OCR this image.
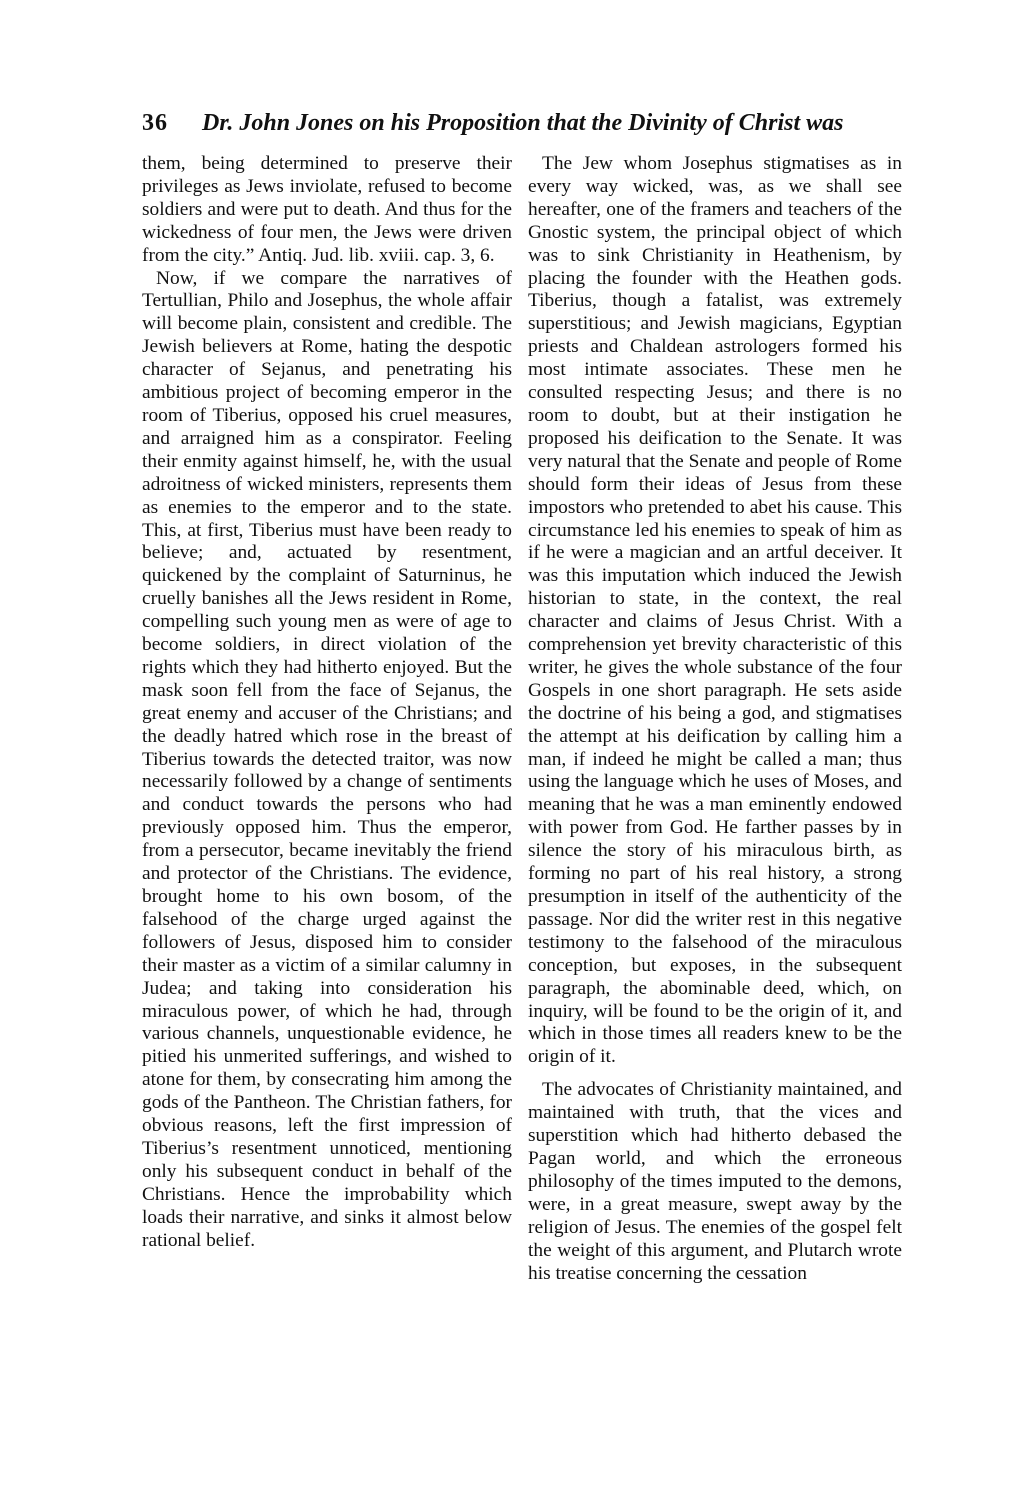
36 Dr. John Jones on his Proposition that the Divinity of Christ was

them, being determined to preserve their privileges as Jews inviolate, refused to become soldiers and were put to death. And thus for the wickedness of four men, the Jews were driven from the city.” Antiq. Jud. lib. xviii. cap. 3, 6.

Now, if we compare the narratives of Tertullian, Philo and Josephus, the whole affair will become plain, consistent and credible. The Jewish believers at Rome, hating the despotic character of Sejanus, and penetrating his ambitious project of becoming emperor in the room of Tiberius, opposed his cruel measures, and arraigned him as a conspirator. Feeling their enmity against himself, he, with the usual adroitness of wicked ministers, represents them as enemies to the emperor and to the state. This, at first, Tiberius must have been ready to believe; and, actuated by resentment, quickened by the complaint of Saturninus, he cruelly banishes all the Jews resident in Rome, compelling such young men as were of age to become soldiers, in direct violation of the rights which they had hitherto enjoyed. But the mask soon fell from the face of Sejanus, the great enemy and accuser of the Christians; and the deadly hatred which rose in the breast of Tiberius towards the detected traitor, was now necessarily followed by a change of sentiments and conduct towards the persons who had previously opposed him. Thus the emperor, from a persecutor, became inevitably the friend and protector of the Christians. The evidence, brought home to his own bosom, of the falsehood of the charge urged against the followers of Jesus, disposed him to consider their master as a victim of a similar calumny in Judea; and taking into consideration his miraculous power, of which he had, through various channels, unquestionable evidence, he pitied his unmerited sufferings, and wished to atone for them, by consecrating him among the gods of the Pantheon. The Christian fathers, for obvious reasons, left the first impression of Tiberius’s resentment unnoticed, mentioning only his subsequent conduct in behalf of the Christians. Hence the improbability which loads their narrative, and sinks it almost below rational belief.

The Jew whom Josephus stigmatises as in every way wicked, was, as we shall see hereafter, one of the framers and teachers of the Gnostic system, the principal object of which was to sink Christianity in Heathenism, by placing the founder with the Heathen gods. Tiberius, though a fatalist, was extremely superstitious; and Jewish magicians, Egyptian priests and Chaldean astrologers formed his most intimate associates. These men he consulted respecting Jesus; and there is no room to doubt, but at their instigation he proposed his deification to the Senate. It was very natural that the Senate and people of Rome should form their ideas of Jesus from these impostors who pretended to abet his cause. This circumstance led his enemies to speak of him as if he were a magician and an artful deceiver. It was this imputation which induced the Jewish historian to state, in the context, the real character and claims of Jesus Christ. With a comprehension yet brevity characteristic of this writer, he gives the whole substance of the four Gospels in one short paragraph. He sets aside the doctrine of his being a god, and stigmatises the attempt at his deification by calling him a man, if indeed he might be called a man; thus using the language which he uses of Moses, and meaning that he was a man eminently endowed with power from God. He farther passes by in silence the story of his miraculous birth, as forming no part of his real history, a strong presumption in itself of the authenticity of the passage. Nor did the writer rest in this negative testimony to the falsehood of the miraculous conception, but exposes, in the subsequent paragraph, the abominable deed, which, on inquiry, will be found to be the origin of it, and which in those times all readers knew to be the origin of it.

The advocates of Christianity maintained, and maintained with truth, that the vices and superstition which had hitherto debased the Pagan world, and which the erroneous philosophy of the times imputed to the demons, were, in a great measure, swept away by the religion of Jesus. The enemies of the gospel felt the weight of this argument, and Plutarch wrote his treatise concerning the cessation
